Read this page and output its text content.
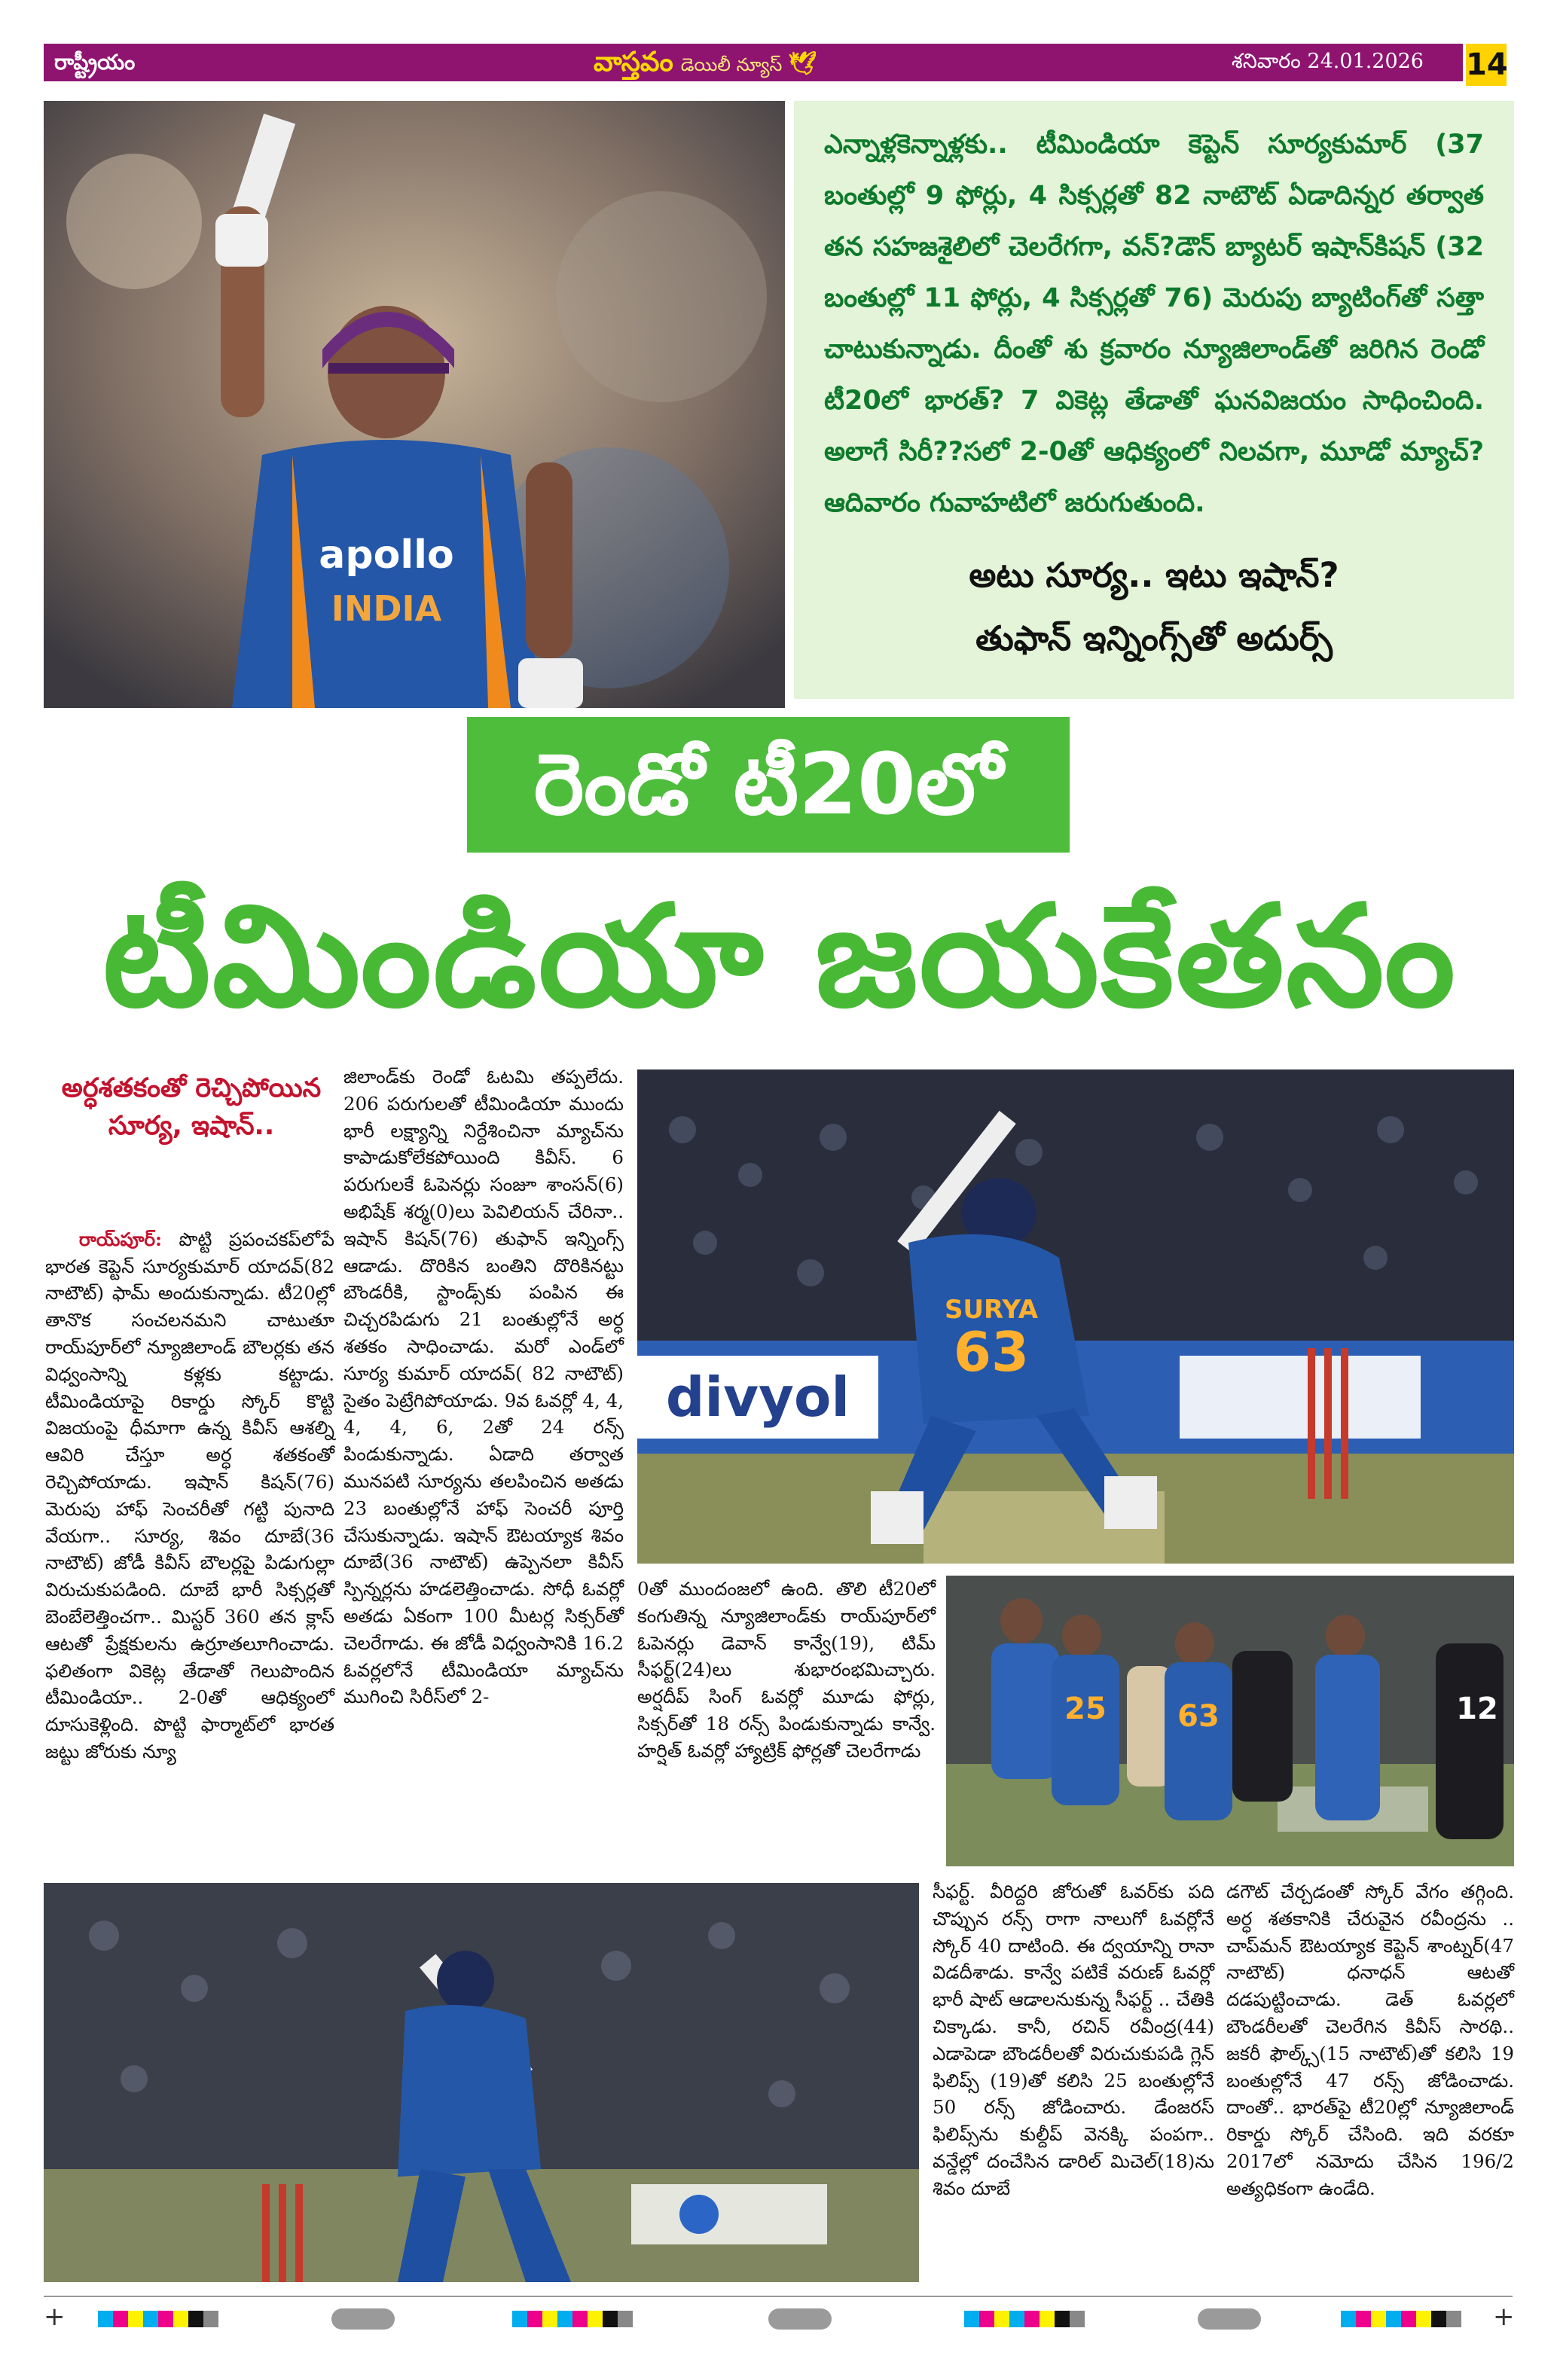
రాష్ట్రీయం	వాస్తవం డెయిలీ న్యూస్ 🕊	శనివారం 24.01.2026 14
apollo
INDIA

ఎన్నాళ్లకెన్నాళ్లకు.. టీమిండియా కెప్టెన్ సూర్యకుమార్ (37 బంతుల్లో 9 ఫోర్లు, 4 సిక్సర్లతో 82 నాటౌట్ ఏడాదిన్నర తర్వాత తన సహజశైలిలో చెలరేగగా, వన్?డౌన్ బ్యాటర్ ఇషాన్‌కిషన్ (32 బంతుల్లో 11 ఫోర్లు, 4 సిక్సర్లతో 76) మెరుపు బ్యాటింగ్‌తో సత్తా చాటుకున్నాడు. దీంతో శు క్రవారం న్యూజిలాండ్‌తో జరిగిన రెండో టీ20లో భారత్? 7 వికెట్ల తేడాతో ఘనవిజయం సాధించింది. అలాగే సిరీ??సలో 2-0తో ఆధిక్యంలో నిలవగా, మూడో మ్యాచ్? ఆదివారం గువాహటిలో జరుగుతుంది.

అటు సూర్య.. ఇటు ఇషాన్?
తుఫాన్ ఇన్నింగ్స్‌తో అదుర్స్
రెండో టీ20లో
టీమిండియా జయకేతనం
అర్ధశతకంతో రెచ్చిపోయిన సూర్య, ఇషాన్..

రాయ్‌పూర్: పొట్టి ప్రపంచకప్‌లోపే భారత కెప్టెన్ సూర్యకుమార్ యాదవ్(82 నాటౌట్) ఫామ్ అందుకున్నాడు. టీ20ల్లో తానొక సంచలనమని చాటుతూ రాయ్‌పూర్‌లో న్యూజిలాండ్ బౌలర్లకు తన విధ్వంసాన్ని కళ్లకు కట్టాడు. టీమిండియాపై రికార్డు స్కోర్ కొట్టి విజయంపై ధీమాగా ఉన్న కివీస్ ఆశల్ని ఆవిరి చేస్తూ అర్ధ శతకంతో రెచ్చిపోయాడు. ఇషాన్ కిషన్(76) మెరుపు హాఫ్ సెంచరీతో గట్టి పునాది వేయగా.. సూర్య, శివం దూబే(36 నాటౌట్) జోడీ కివీస్ బౌలర్లపై పిడుగుల్లా విరుచుకుపడింది. దూబే భారీ సిక్సర్లతో బెంబేలెత్తించగా.. మిస్టర్ 360 తన క్లాస్ ఆటతో ప్రేక్షకులను ఉర్రూతలూగించాడు. ఫలితంగా వికెట్ల తేడాతో గెలుపొందిన టీమిండియా.. 2-0తో ఆధిక్యంలో దూసుకెళ్లింది. పొట్టి ఫార్మాట్‌లో భారత జట్టు జోరుకు న్యూ

జిలాండ్‌కు రెండో ఓటమి తప్పలేదు. 206 పరుగులతో టీమిండియా ముందు భారీ లక్ష్యాన్ని నిర్దేశించినా మ్యాచ్‌ను కాపాడుకోలేకపోయింది కివీస్. 6 పరుగులకే ఓపెనర్లు సంజూ శాంసన్(6) అభిషేక్ శర్మ(0)లు పెవిలియన్ చేరినా.. ఇషాన్ కిషన్(76) తుఫాన్ ఇన్నింగ్స్ ఆడాడు. దొరికిన బంతిని దొరికినట్టు బౌండరీకి, స్టాండ్స్‌కు పంపిన ఈ చిచ్చరపిడుగు 21 బంతుల్లోనే అర్ధ శతకం సాధించాడు. మరో ఎండ్‌లో సూర్య కుమార్ యాదవ్( 82 నాటౌట్) సైతం పెట్రేగిపోయాడు. 9వ ఓవర్లో 4, 4, 4, 4, 6, 2తో 24 రన్స్ పిండుకున్నాడు. ఏడాది తర్వాత మునపటి సూర్యను తలపించిన అతడు 23 బంతుల్లోనే హాఫ్ సెంచరీ పూర్తి చేసుకున్నాడు. ఇషాన్ ఔటయ్యాక శివం దూబే(36 నాటౌట్) ఉప్పెనలా కివీస్ స్పిన్నర్లను హడలెత్తించాడు. సోధీ ఓవర్లో అతడు ఏకంగా 100 మీటర్ల సిక్సర్‌తో చెలరేగాడు. ఈ జోడీ విధ్వంసానికి 16.2 ఓవర్లలోనే టీమిండియా మ్యాచ్‌ను ముగించి సిరీస్‌లో 2-
divyol
SURYA
63
0తో ముందంజలో ఉంది. తొలి టీ20లో కంగుతిన్న న్యూజిలాండ్‌కు రాయ్‌పూర్‌లో ఓపెనర్లు డెవాన్ కాన్వే(19), టిమ్ సీఫర్ట్(24)లు శుభారంభమిచ్చారు. అర్షదీప్ సింగ్ ఓవర్లో మూడు ఫోర్లు, సిక్సర్‌తో 18 రన్స్ పిండుకున్నాడు కాన్వే. హర్షిత్ ఓవర్లో హ్యాట్రిక్ ఫోర్లతో చెలరేగాడు
25 63	12
సీఫర్ట్. వీరిద్దరి జోరుతో ఓవర్‌కు పది చొప్పున రన్స్ రాగా నాలుగో ఓవర్లోనే స్కోర్ 40 దాటింది. ఈ ద్వయాన్ని రానా విడదీశాడు. కాన్వే పటికే వరుణ్ ఓవర్లో భారీ షాట్ ఆడాలనుకున్న సీఫర్ట్ .. చేతికి చిక్కాడు. కానీ, రచిన్ రవీంద్ర(44) ఎడాపెడా బౌండరీలతో విరుచుకుపడి గ్లెన్ ఫిలిప్స్ (19)తో కలిసి 25 బంతుల్లోనే 50 రన్స్ జోడించారు. డేంజరస్ ఫిలిప్స్‌ను కుల్దీప్ వెనక్కి పంపగా.. వన్డేల్లో దంచేసిన డారిల్ మిచెల్(18)ను శివం దూబే
డగౌట్ చేర్చడంతో స్కోర్ వేగం తగ్గింది. అర్ధ శతకానికి చేరువైన రవీంద్రను .. చాప్‌మన్ ఔటయ్యాక కెప్టెన్ శాంట్నర్(47 నాటౌట్) ధనాధన్ ఆటతో దడపుట్టించాడు. డెత్ ఓవర్లలో బౌండరీలతో చెలరేగిన కివీస్ సారథి.. జకరీ ఫౌల్క్స్(15 నాటౌట్)తో కలిసి 19 బంతుల్లోనే 47 రన్స్ జోడించాడు. దాంతో.. భారత్‌పై టీ20ల్లో న్యూజిలాండ్ రికార్డు స్కోర్ చేసింది. ఇది వరకూ 2017లో నమోదు చేసిన 196/2 అత్యధికంగా ఉండేది.
+	+
